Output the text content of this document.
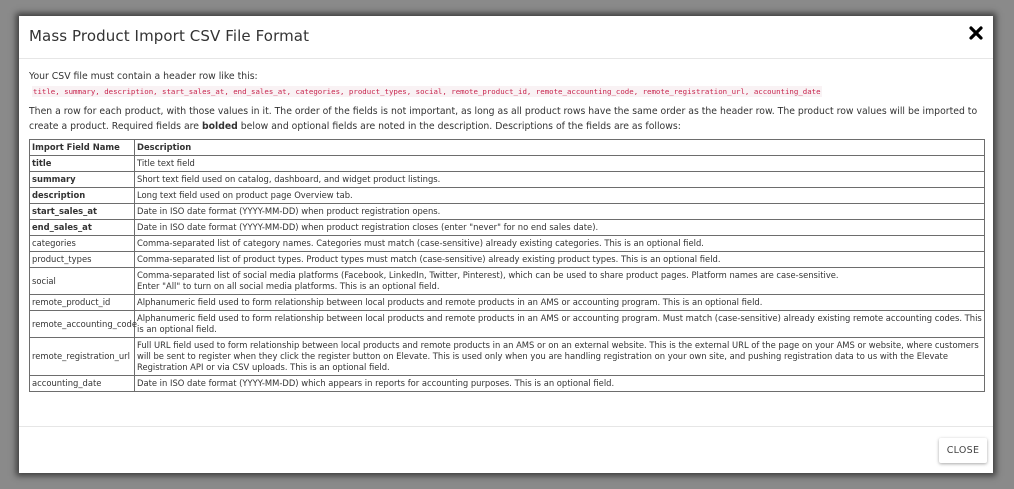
Mass Product Import CSV File Format

Your CSV file must contain a header row like this:

title, summary, description, start_sales_at, end_sales_at, categories, product_types, social, remote_product_id, remote_accounting_code, remote_registration_url, accounting_date

Then a row for each product, with those values in it. The order of the fields is not important, as long as all product rows have the same order as the header row. The product row values will be imported to create a product. Required fields are bolded below and optional fields are noted in the description. Descriptions of the fields are as follows:

Import Field Name	Description
title	Title text field
summary	Short text field used on catalog, dashboard, and widget product listings.
description	Long text field used on product page Overview tab.
start_sales_at	Date in ISO date format (YYYY-MM-DD) when product registration opens.
end_sales_at	Date in ISO date format (YYYY-MM-DD) when product registration closes (enter "never" for no end sales date).
categories	Comma-separated list of category names. Categories must match (case-sensitive) already existing categories. This is an optional field.
product_types	Comma-separated list of product types. Product types must match (case-sensitive) already existing product types. This is an optional field.
social	Comma-separated list of social media platforms (Facebook, LinkedIn, Twitter, Pinterest), which can be used to share product pages. Platform names are case-sensitive.
Enter "All" to turn on all social media platforms. This is an optional field.
remote_product_id	Alphanumeric field used to form relationship between local products and remote products in an AMS or accounting program. This is an optional field.
remote_accounting_code	Alphanumeric field used to form relationship between local products and remote products in an AMS or accounting program. Must match (case-sensitive) already existing remote accounting codes. This is an optional field.
remote_registration_url	Full URL field used to form relationship between local products and remote products in an AMS or on an external website. This is the external URL of the page on your AMS or website, where customers will be sent to register when they click the register button on Elevate. This is used only when you are handling registration on your own site, and pushing registration data to us with the Elevate Registration API or via CSV uploads. This is an optional field.
accounting_date	Date in ISO date format (YYYY-MM-DD) which appears in reports for accounting purposes. This is an optional field.
CLOSE
